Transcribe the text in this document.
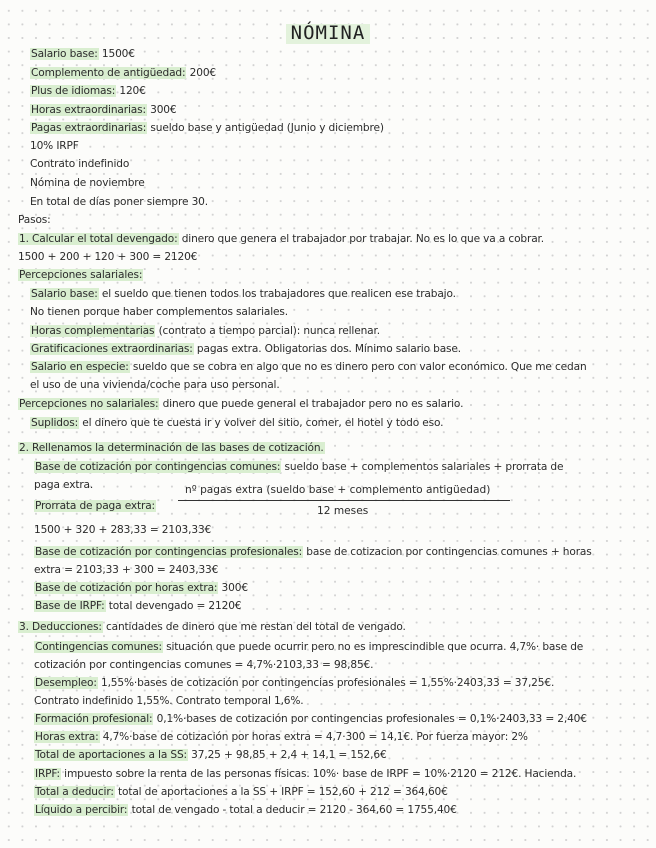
NÓMINA
Salario base: 1500€
Complemento de antigüedad: 200€
Plus de idiomas: 120€
Horas extraordinarias: 300€
Pagas extraordinarias: sueldo base y antigüedad (Junio y diciembre)
10% IRPF
Contrato indefinido
Nómina de noviembre
En total de días poner siempre 30.
Pasos:
1. Calcular el total devengado: dinero que genera el trabajador por trabajar. No es lo que va a cobrar.
1500 + 200 + 120 + 300 = 2120€
Percepciones salariales:
Salario base: el sueldo que tienen todos los trabajadores que realicen ese trabajo.
No tienen porque haber complementos salariales.
Horas complementarias (contrato a tiempo parcial): nunca rellenar.
Gratificaciones extraordinarias: pagas extra. Obligatorias dos. Mínimo salario base.
Salario en especie: sueldo que se cobra en algo que no es dinero pero con valor económico. Que me cedan
el uso de una vivienda/coche para uso personal.
Percepciones no salariales: dinero que puede general el trabajador pero no es salario.
Suplidos: el dinero que te cuesta ir y volver del sitio, comer, el hotel y todo eso.
2. Rellenamos la determinación de las bases de cotización.
Base de cotización por contingencias comunes: sueldo base + complementos salariales + prorrata de
paga extra.
Prorrata de paga extra:
nº pagas extra (sueldo base + complemento antigüedad)
12 meses
1500 + 320 + 283,33 = 2103,33€
Base de cotización por contingencias profesionales: base de cotizacion por contingencias comunes + horas
extra = 2103,33 + 300 = 2403,33€
Base de cotización por horas extra: 300€
Base de IRPF: total devengado = 2120€
3. Deducciones: cantidades de dinero que me restan del total de vengado.
Contingencias comunes: situación que puede ocurrir pero no es imprescindible que ocurra. 4,7%· base de
cotización por contingencias comunes = 4,7%·2103,33 = 98,85€.
Desempleo: 1,55%·bases de cotización por contingencias profesionales = 1,55%·2403,33 = 37,25€.
Contrato indefinido 1,55%. Contrato temporal 1,6%.
Formación profesional: 0,1%·bases de cotización por contingencias profesionales = 0,1%·2403,33 = 2,40€
Horas extra: 4,7%·base de cotización por horas extra = 4,7·300 = 14,1€. Por fuerza mayor: 2%
Total de aportaciones a la SS: 37,25 + 98,85 + 2,4 + 14,1 = 152,6€
IRPF: impuesto sobre la renta de las personas físicas. 10%· base de IRPF = 10%·2120 = 212€. Hacienda.
Total a deducir: total de aportaciones a la SS + IRPF = 152,60 + 212 = 364,60€
Líquido a percibir: total de vengado - total a deducir = 2120 - 364,60 = 1755,40€
